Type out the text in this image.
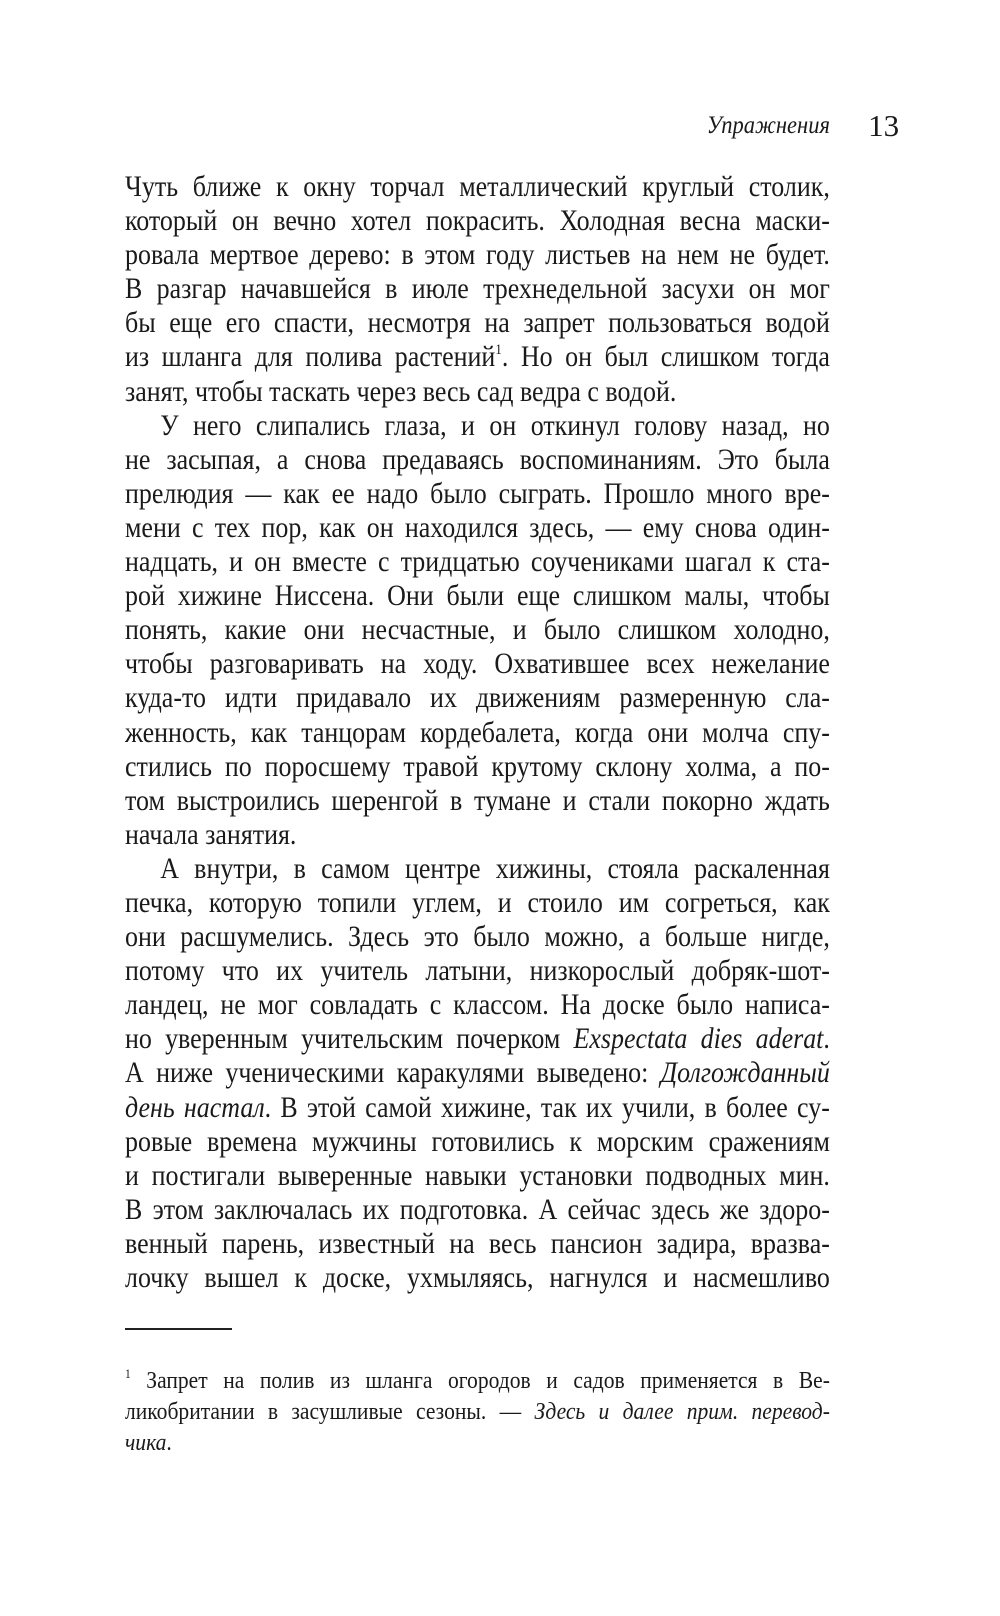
Упражнения 13
Чуть ближе к окну торчал металлический круглый столик,
который он вечно хотел покрасить. Холодная весна маски-
ровала мертвое дерево: в этом году листьев на нем не будет.
В разгар начавшейся в июле трехнедельной засухи он мог
бы еще его спасти, несмотря на запрет пользоваться водой
из шланга для полива растений$^1$. Но он был слишком тогда
занят, чтобы таскать через весь сад ведра с водой.
У него слипались глаза, и он откинул голову назад, но
не засыпая, а снова предаваясь воспоминаниям. Это была
прелюдия — как ее надо было сыграть. Прошло много вре-
мени с тех пор, как он находился здесь, — ему снова один-
надцать, и он вместе с тридцатью соучениками шагал к ста-
рой хижине Ниссена. Они были еще слишком малы, чтобы
понять, какие они несчастные, и было слишком холодно,
чтобы разговаривать на ходу. Охватившее всех нежелание
куда-то идти придавало их движениям размеренную сла-
женность, как танцорам кордебалета, когда они молча спу-
стились по поросшему травой крутому склону холма, а по-
том выстроились шеренгой в тумане и стали покорно ждать
начала занятия.
А внутри, в самом центре хижины, стояла раскаленная
печка, которую топили углем, и стоило им согреться, как
они расшумелись. Здесь это было можно, а больше нигде,
потому что их учитель латыни, низкорослый добряк-шот-
ландец, не мог совладать с классом. На доске было написа-
но уверенным учительским почерком Exspectata dies aderat.
А ниже ученическими каракулями выведено: Долгожданный
день настал. В этой самой хижине, так их учили, в более су-
ровые времена мужчины готовились к морским сражениям
и постигали выверенные навыки установки подводных мин.
В этом заключалась их подготовка. А сейчас здесь же здоро-
венный парень, известный на весь пансион задира, вразва-
лочку вышел к доске, ухмыляясь, нагнулся и насмешливо
$^1$ Запрет на полив из шланга огородов и садов применяется в Ве-
ликобритании в засушливые сезоны. — Здесь и далее прим. перевод-
чика.
